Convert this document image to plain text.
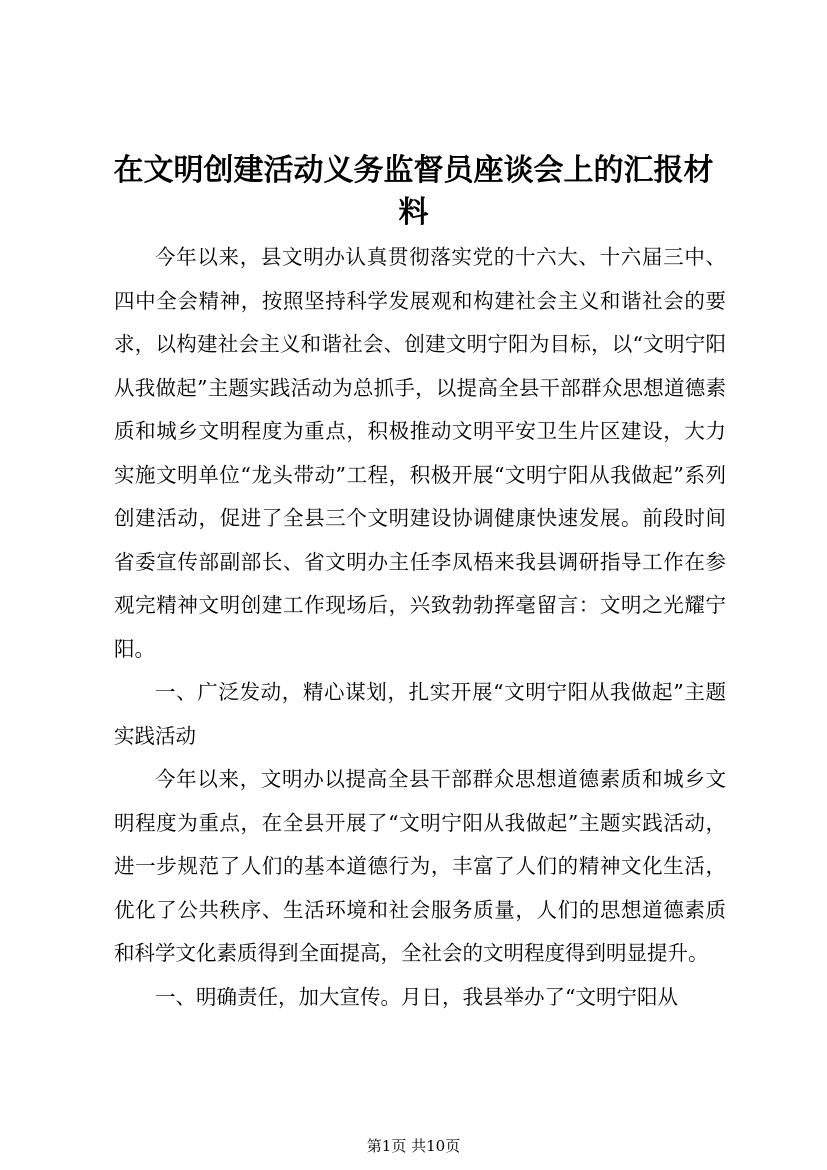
在文明创建活动义务监督员座谈会上的汇报材料

今年以来，县文明办认真贯彻落实党的十六大、十六届三中、四中全会精神，按照坚持科学发展观和构建社会主义和谐社会的要求，以构建社会主义和谐社会、创建文明宁阳为目标，以“文明宁阳从我做起”主题实践活动为总抓手，以提高全县干部群众思想道德素质和城乡文明程度为重点，积极推动文明平安卫生片区建设，大力实施文明单位“龙头带动”工程，积极开展“文明宁阳从我做起”系列创建活动，促进了全县三个文明建设协调健康快速发展。前段时间省委宣传部副部长、省文明办主任李凤梧来我县调研指导工作在参观完精神文明创建工作现场后，兴致勃勃挥毫留言：文明之光耀宁阳。

一、广泛发动，精心谋划，扎实开展“文明宁阳从我做起”主题实践活动

今年以来，文明办以提高全县干部群众思想道德素质和城乡文明程度为重点，在全县开展了“文明宁阳从我做起”主题实践活动，进一步规范了人们的基本道德行为，丰富了人们的精神文化生活，优化了公共秩序、生活环境和社会服务质量，人们的思想道德素质和科学文化素质得到全面提高，全社会的文明程度得到明显提升。

一、明确责任，加大宣传。月日，我县举办了“文明宁阳从

第1页 共10页
